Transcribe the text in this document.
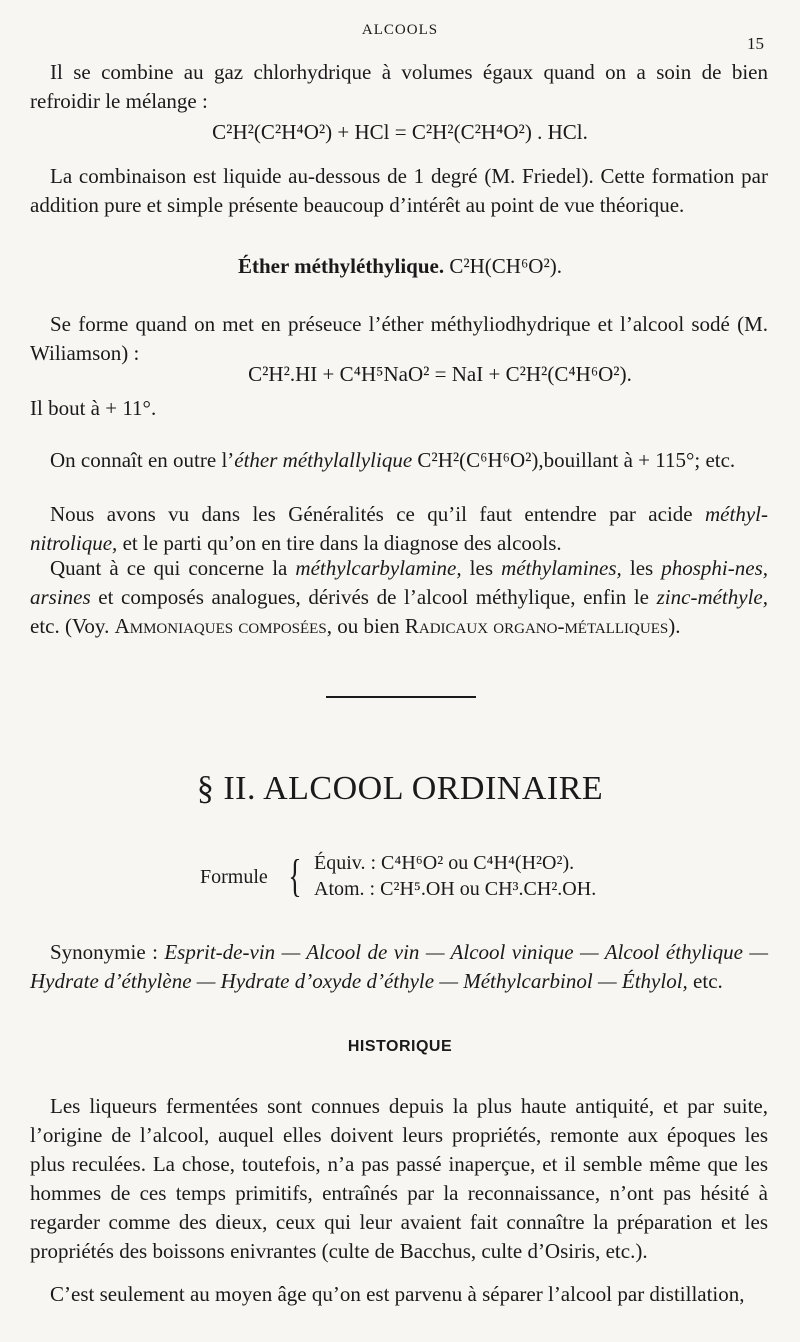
ALCOOLS
15

Il se combine au gaz chlorhydrique à volumes égaux quand on a soin de bien refroidir le mélange :

C²H²(C²H⁴O²) + HCl = C²H²(C²H⁴O²) . HCl.

La combinaison est liquide au-dessous de 1 degré (M. Friedel). Cette formation par addition pure et simple présente beaucoup d’intérêt au point de vue théorique.

Éther méthyléthylique. C²H(CH⁶O²).

Se forme quand on met en préseuce l’éther méthyliodhydrique et l’alcool sodé (M. Wiliamson) :

C²H².HI + C⁴H⁵NaO² = NaI + C²H²(C⁴H⁶O²).

Il bout à + 11°.

On connaît en outre l’éther méthylallylique C²H²(C⁶H⁶O²),bouillant à + 115°; etc.

Nous avons vu dans les Généralités ce qu’il faut entendre par acide méthyl-nitrolique, et le parti qu’on en tire dans la diagnose des alcools.

Quant à ce qui concerne la méthylcarbylamine, les méthylamines, les phosphi-nes, arsines et composés analogues, dérivés de l’alcool méthylique, enfin le zinc-méthyle, etc. (Voy. Ammoniaques composées, ou bien Radicaux organo-métalliques).

§ II. ALCOOL ORDINAIRE
Formule { Équiv. : C⁴H⁶O² ou C⁴H⁴(H²O²).
Atom. : C²H⁵.OH ou CH³.CH².OH.

Synonymie : Esprit-de-vin — Alcool de vin — Alcool vinique — Alcool éthylique — Hydrate d’éthylène — Hydrate d’oxyde d’éthyle — Méthylcarbinol — Éthylol, etc.

HISTORIQUE

Les liqueurs fermentées sont connues depuis la plus haute antiquité, et par suite, l’origine de l’alcool, auquel elles doivent leurs propriétés, remonte aux époques les plus reculées. La chose, toutefois, n’a pas passé inaperçue, et il semble même que les hommes de ces temps primitifs, entraînés par la reconnaissance, n’ont pas hésité à regarder comme des dieux, ceux qui leur avaient fait connaître la préparation et les propriétés des boissons enivrantes (culte de Bacchus, culte d’Osiris, etc.).

C’est seulement au moyen âge qu’on est parvenu à séparer l’alcool par distillation,
